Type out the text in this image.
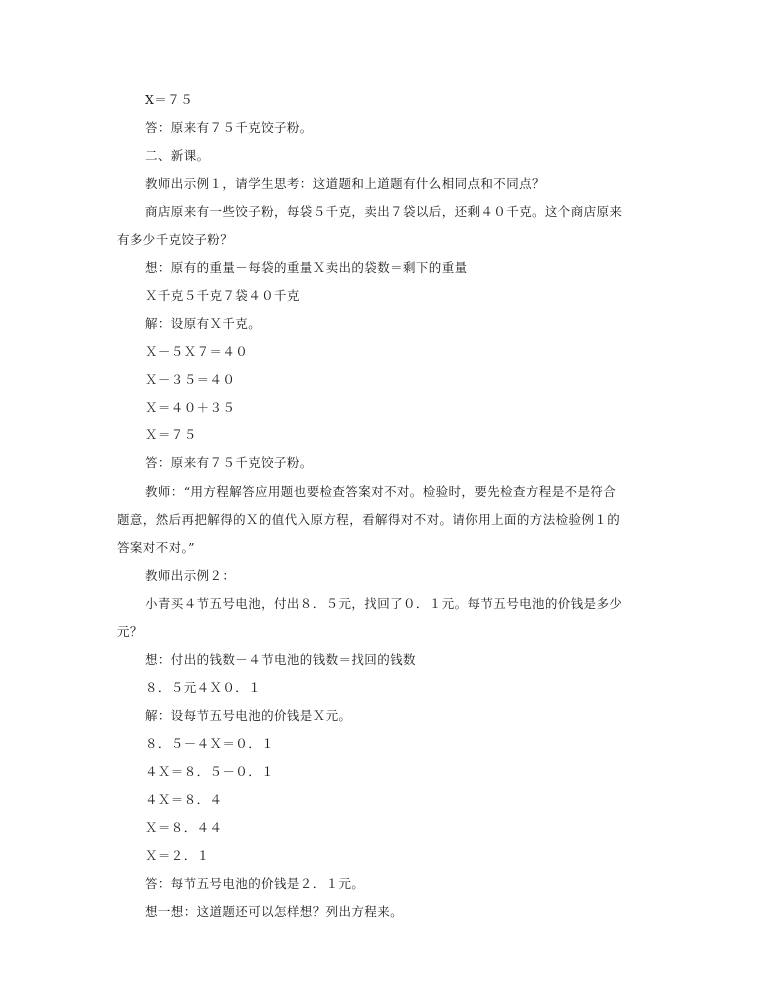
X＝７５
答：原来有７５千克饺子粉。
二、新课。
教师出示例１，请学生思考：这道题和上道题有什么相同点和不同点？
商店原来有一些饺子粉，每袋５千克，卖出７袋以后，还剩４０千克。这个商店原来
有多少千克饺子粉？
想：原有的重量－每袋的重量Ｘ卖出的袋数＝剩下的重量
Ｘ千克５千克７袋４０千克
解：设原有Ｘ千克。
Ｘ－５Ｘ７＝４０
Ｘ－３５＝４０
Ｘ＝４０＋３５
Ｘ＝７５
答：原来有７５千克饺子粉。
教师：“用方程解答应用题也要检查答案对不对。检验时，要先检查方程是不是符合
题意，然后再把解得的Ｘ的值代入原方程，看解得对不对。请你用上面的方法检验例１的
答案对不对。”
教师出示例２：
小青买４节五号电池，付出８．５元，找回了０．１元。每节五号电池的价钱是多少
元？
想：付出的钱数－４节电池的钱数＝找回的钱数
８．５元４Ｘ０．１
解：设每节五号电池的价钱是Ｘ元。
８．５－４Ｘ＝０．１
４Ｘ＝８．５－０．１
４Ｘ＝８．４
Ｘ＝８．４４
Ｘ＝２．１
答：每节五号电池的价钱是２．１元。
想一想：这道题还可以怎样想？列出方程来。
